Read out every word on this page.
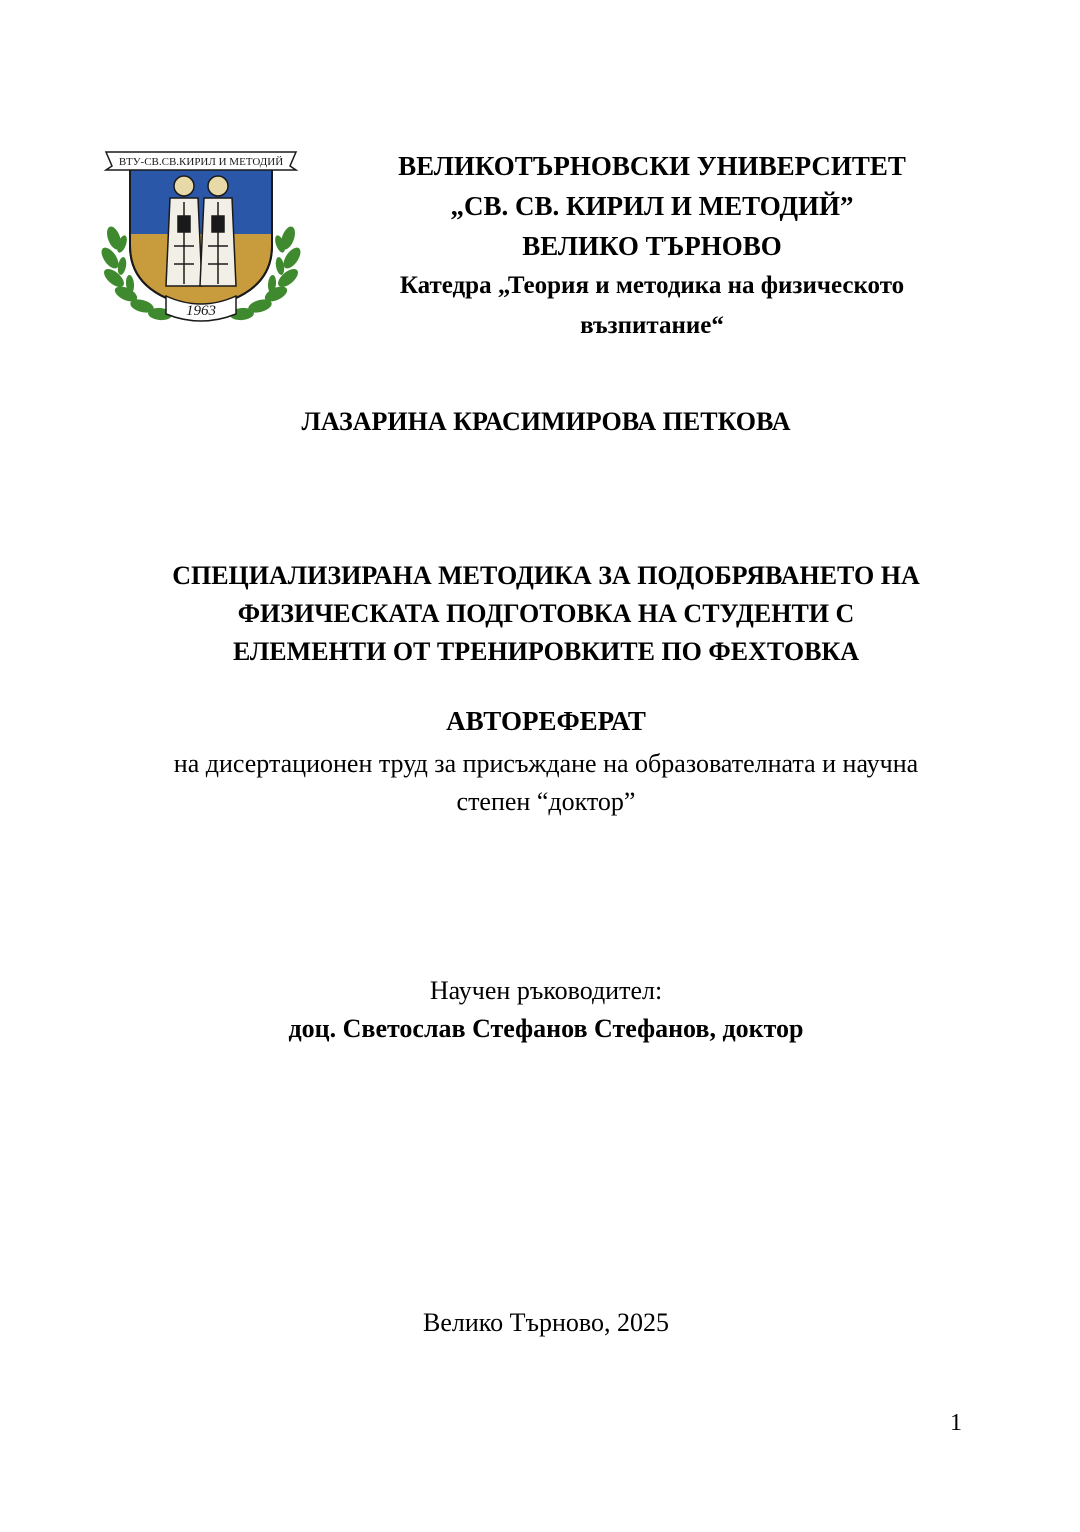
ВТУ-СВ.СВ.КИРИЛ И МЕТОДИЙ
1963
ВЕЛИКОТЪРНОВСКИ УНИВЕРСИТЕТ
„СВ. СВ. КИРИЛ И МЕТОДИЙ”
ВЕЛИКО ТЪРНОВО
Катедра „Теория и методика на физическото
възпитание“
ЛАЗАРИНА КРАСИМИРОВА ПЕТКОВА
СПЕЦИАЛИЗИРАНА МЕТОДИКА ЗА ПОДОБРЯВАНЕТО НА
ФИЗИЧЕСКАТА ПОДГОТОВКА НА СТУДЕНТИ С
ЕЛЕМЕНТИ ОТ ТРЕНИРОВКИТЕ ПО ФЕХТОВКА
АВТОРЕФЕРАТ
на дисертационен труд за присъждане на образователната и научна
степен “доктор”
Научен ръководител:
доц. Светослав Стефанов Стефанов, доктор
Велико Търново, 2025
1
